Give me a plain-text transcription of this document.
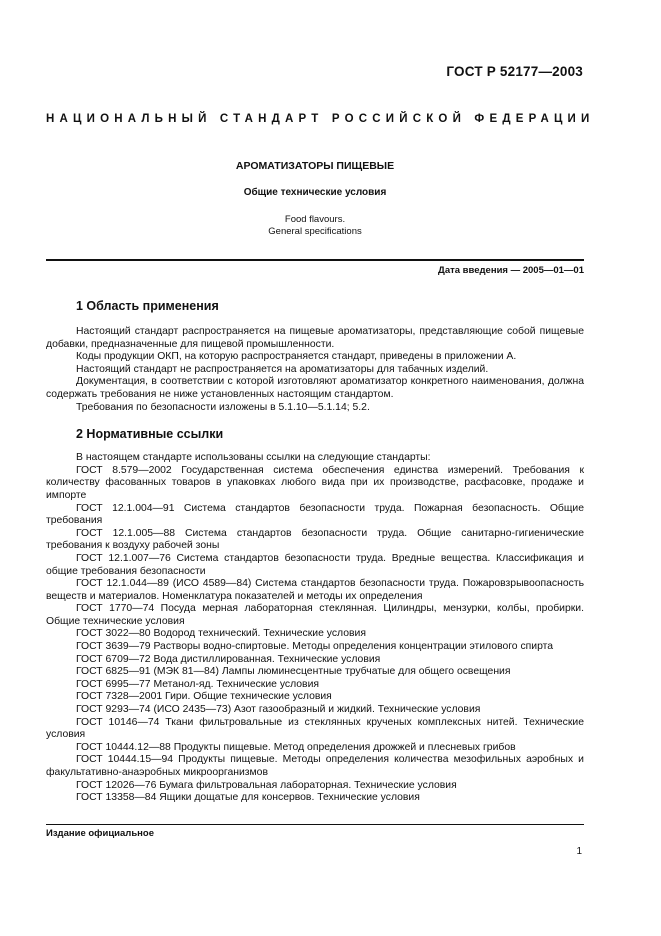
ГОСТ Р 52177—2003
НАЦИОНАЛЬНЫЙ СТАНДАРТ РОССИЙСКОЙ ФЕДЕРАЦИИ
АРОМАТИЗАТОРЫ ПИЩЕВЫЕ
Общие технические условия
Food flavours.
General specifications
Дата введения — 2005—01—01
1 Область применения

Настоящий стандарт распространяется на пищевые ароматизаторы, представляющие собой пищевые добавки, предназначенные для пищевой промышленности.

Коды продукции ОКП, на которую распространяется стандарт, приведены в приложении А.

Настоящий стандарт не распространяется на ароматизаторы для табачных изделий.

Документация, в соответствии с которой изготовляют ароматизатор конкретного наименования, должна содержать требования не ниже установленных настоящим стандартом.

Требования по безопасности изложены в 5.1.10—5.1.14; 5.2.

2 Нормативные ссылки

В настоящем стандарте использованы ссылки на следующие стандарты:

ГОСТ 8.579—2002 Государственная система обеспечения единства измерений. Требования к количеству фасованных товаров в упаковках любого вида при их производстве, расфасовке, продаже и импорте

ГОСТ 12.1.004—91 Система стандартов безопасности труда. Пожарная безопасность. Общие требования

ГОСТ 12.1.005—88 Система стандартов безопасности труда. Общие санитарно-гигиенические требования к воздуху рабочей зоны

ГОСТ 12.1.007—76 Система стандартов безопасности труда. Вредные вещества. Классификация и общие требования безопасности

ГОСТ 12.1.044—89 (ИСО 4589—84) Система стандартов безопасности труда. Пожаровзрывоопасность веществ и материалов. Номенклатура показателей и методы их определения

ГОСТ 1770—74 Посуда мерная лабораторная стеклянная. Цилиндры, мензурки, колбы, пробирки. Общие технические условия

ГОСТ 3022—80 Водород технический. Технические условия

ГОСТ 3639—79 Растворы водно-спиртовые. Методы определения концентрации этилового спирта

ГОСТ 6709—72 Вода дистиллированная. Технические условия

ГОСТ 6825—91 (МЭК 81—84) Лампы люминесцентные трубчатые для общего освещения

ГОСТ 6995—77 Метанол-яд. Технические условия

ГОСТ 7328—2001 Гири. Общие технические условия

ГОСТ 9293—74 (ИСО 2435—73) Азот газообразный и жидкий. Технические условия

ГОСТ 10146—74 Ткани фильтровальные из стеклянных крученых комплексных нитей. Технические условия

ГОСТ 10444.12—88 Продукты пищевые. Метод определения дрожжей и плесневых грибов

ГОСТ 10444.15—94 Продукты пищевые. Методы определения количества мезофильных аэробных и факультативно-анаэробных микроорганизмов

ГОСТ 12026—76 Бумага фильтровальная лабораторная. Технические условия

ГОСТ 13358—84 Ящики дощатые для консервов. Технические условия

Издание официальное
1
